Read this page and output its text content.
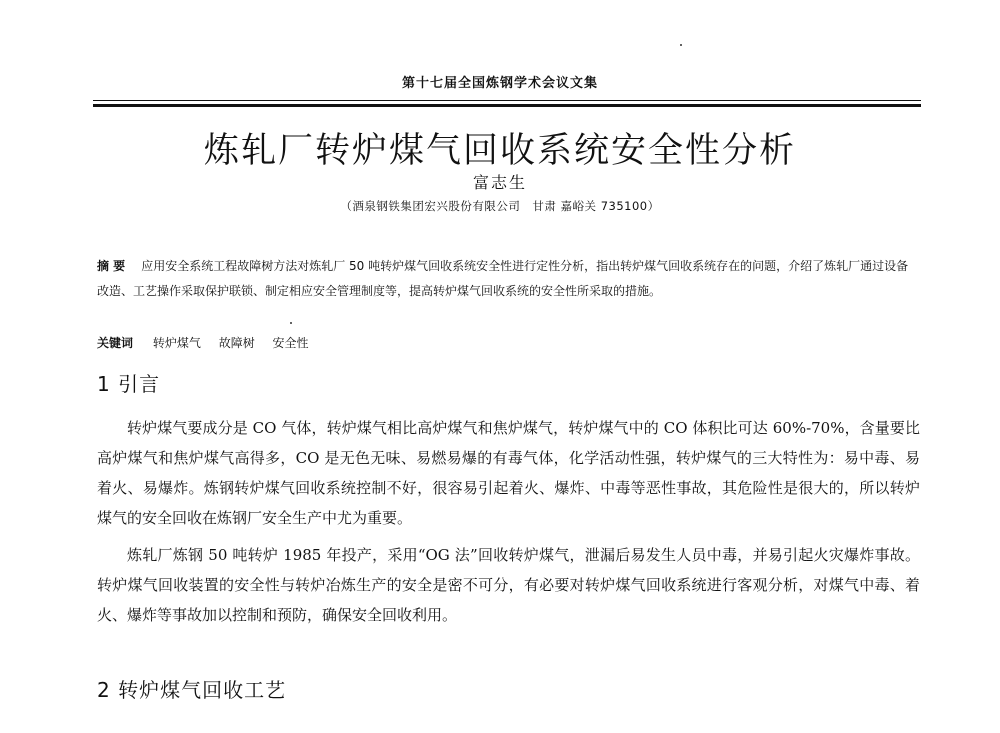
第十七届全国炼钢学术会议文集
炼轧厂转炉煤气回收系统安全性分析
富志生
（酒泉钢铁集团宏兴股份有限公司　甘肃 嘉峪关 735100）
摘 要 应用安全系统工程故障树方法对炼轧厂 50 吨转炉煤气回收系统安全性进行定性分析，指出转炉煤气回收系统存在的问题，介绍了炼轧厂通过设备改造、工艺操作采取保护联锁、制定相应安全管理制度等，提高转炉煤气回收系统的安全性所采取的措施。
关键词 转炉煤气 故障树 安全性
1 引言

转炉煤气要成分是 CO 气体，转炉煤气相比高炉煤气和焦炉煤气，转炉煤气中的 CO 体积比可达 60%-70%，含量要比高炉煤气和焦炉煤气高得多，CO 是无色无味、易燃易爆的有毒气体，化学活动性强，转炉煤气的三大特性为：易中毒、易着火、易爆炸。炼钢转炉煤气回收系统控制不好，很容易引起着火、爆炸、中毒等恶性事故，其危险性是很大的，所以转炉煤气的安全回收在炼钢厂安全生产中尤为重要。

炼轧厂炼钢 50 吨转炉 1985 年投产，采用“OG 法”回收转炉煤气，泄漏后易发生人员中毒，并易引起火灾爆炸事故。转炉煤气回收装置的安全性与转炉冶炼生产的安全是密不可分，有必要对转炉煤气回收系统进行客观分析，对煤气中毒、着火、爆炸等事故加以控制和预防，确保安全回收利用。

2 转炉煤气回收工艺
